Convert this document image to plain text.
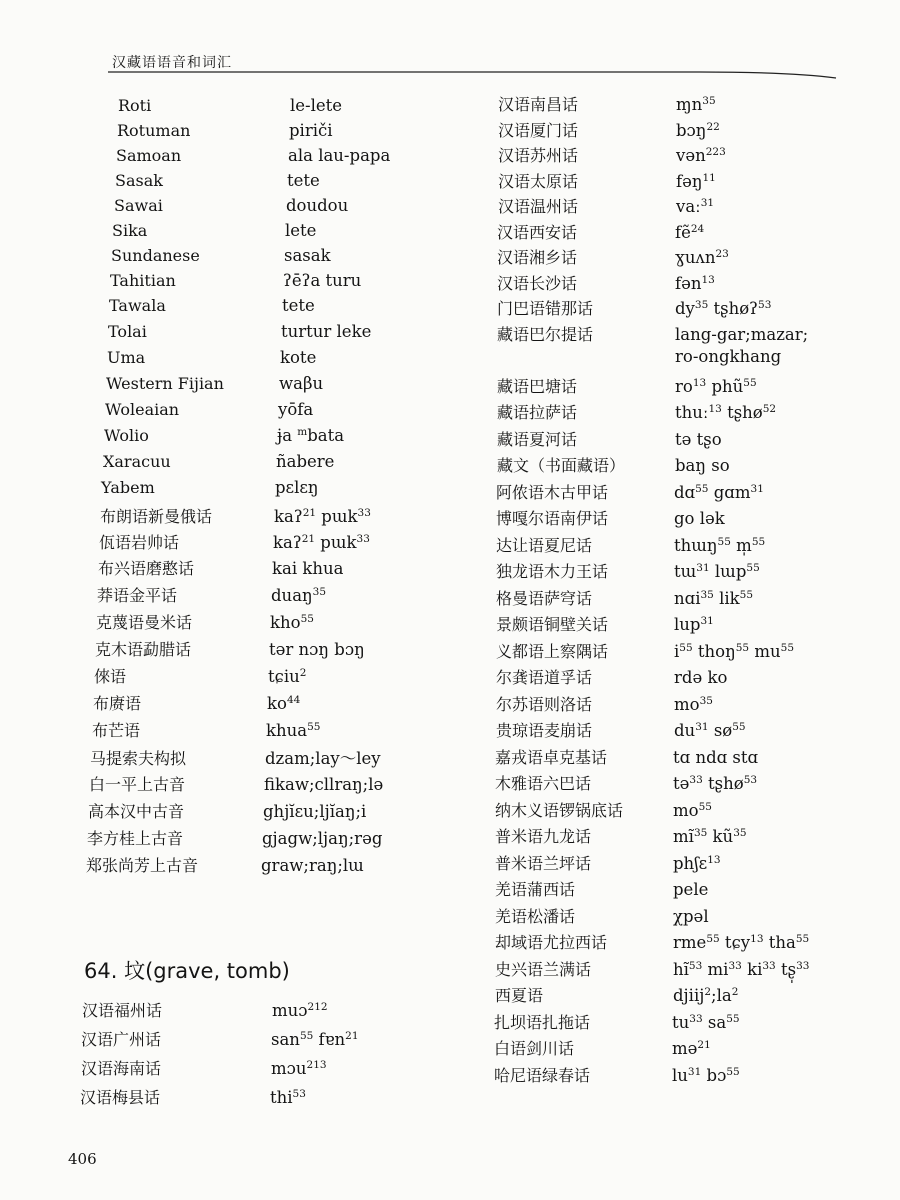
汉藏语语音和词汇
Roti	le-lete
Rotuman	piriči
Samoan	ala lau-papa
Sasak	tete
Sawai	doudou
Sika	lete
Sundanese	sasak
Tahitian	ʔēʔa turu
Tawala	tete
Tolai	turtur leke
Uma	kote
Western Fijian	waβu
Woleaian	yōfa
Wolio	ɉa $^m$bata
Xaracuu	ñabere
Yabem	pɛlɛŋ
布朗语新曼俄话	kaʔ$^{21}$ pɯk$^{33}$
佤语岩帅话	kaʔ$^{21}$ pɯk$^{33}$
布兴语磨憨话	kai khua
莽语金平话	duaŋ$^{35}$
克蔑语曼米话	kho$^{55}$
克木语勐腊话	tər nɔŋ bɔŋ
倈语	tɕiu$^2$
布赓语	$ko^{44}$
布芒语	khua$^{55}$
马提索夫构拟	dzam;lay～ley
白一平上古音	fikaw;cllraŋ;lə
高本汉中古音	ghjĭɛu;ljĭaŋ;i
李方桂上古音	gjagw;ljaŋ;rəg
郑张尚芳上古音	graw;raŋ;lɯ
汉语南昌话	ɱn$^{35}$
汉语厦门话	bɔŋ$^{22}$
汉语苏州话	vən$^{223}$
汉语太原话	fəŋ$^{11}$
汉语温州话	vaː$^{31}$
汉语西安话	fẽ$^{24}$
汉语湘乡话	ɣuʌn$^{23}$
汉语长沙话	fən$^{13}$
门巴语错那话	$dy^{35}$ tʂhøʔ$^{53}$
藏语巴尔提话	lang-gar;mazar;
ro-ongkhang
藏语巴塘话	$ro^{13}$ phũ$^{55}$
藏语拉萨话	thuː$^{13}$ tʂhø$^{52}$
藏语夏河话	tə tʂo
藏文（书面藏语）	baŋ so
阿侬语木古甲话	dɑ$^{55}$ gɑm$^{31}$
博嘎尔语南伊话	go lək
达让语夏尼话	thɯŋ$^{55}$ m̩$^{55}$
独龙语木力王话	tɯ$^{31}$ lɯp$^{55}$
格曼语萨穹话	nɑi$^{35}$ lik$^{55}$
景颇语铜壁关话	lup$^{31}$
义都语上察隅话	$i^{55}$ thoŋ$^{55}$ $mu^{55}$
尔龚语道孚话	rdə ko
尔苏语则洛话	$mo^{35}$
贵琼语麦崩话	$du^{31}$ $sø^{55}$
嘉戎语卓克基话	tɑ ndɑ stɑ
木雅语六巴话	tə$^{33}$ tʂhø$^{53}$
纳木义语锣锅底话	$mo^{55}$
普米语九龙话	$mĩ^{35}$ $kũ^{35}$
普米语兰坪话	phʃɛ$^{13}$
羌语蒲西话	pele
羌语松潘话	χpəl
却域语尤拉西话	rme$^{55}$ tɕy$^{13}$ tha$^{55}$
史兴语兰满话	$hĩ^{53}$ $mi^{33}$ $ki^{33}$ tʂ̩$^{33}$
西夏语	$djiij^2;la^2$
扎坝语扎拖话	$tu^{33}$ $sa^{55}$
白语剑川话	mə$^{21}$
哈尼语绿春话	$lu^{31}$ bɔ$^{55}$
64. 坟(grave, tomb)
汉语福州话	muɔ$^{212}$
汉语广州话	san$^{55}$ fɐn$^{21}$
汉语海南话	mɔu$^{213}$
汉语梅县话	thi$^{53}$
406
